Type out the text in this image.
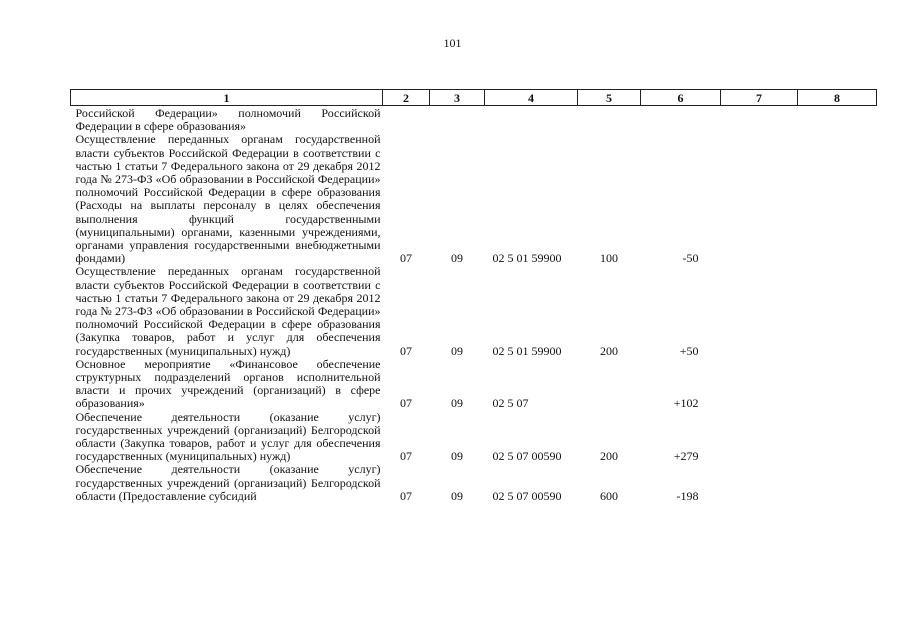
101
1	2	3	4	5	6	7	8
Российской Федерации» полномочий Российской Федерации в сфере образования»							
Осуществление переданных органам государственной власти субъектов Российской Федерации в соответствии с частью 1 статьи 7 Федерального закона от 29 декабря 2012 года № 273-ФЗ «Об образовании в Российской Федерации» полномочий Российской Федерации в сфере образования (Расходы на выплаты персоналу в целях обеспечения выполнения функций государственными (муниципальными) органами, казенными учреждениями, органами управления государственными внебюджетными фондами)	07	09	02 5 01 59900	100	-50		
Осуществление переданных органам государственной власти субъектов Российской Федерации в соответствии с частью 1 статьи 7 Федерального закона от 29 декабря 2012 года № 273-ФЗ «Об образовании в Российской Федерации» полномочий Российской Федерации в сфере образования (Закупка товаров, работ и услуг для обеспечения государственных (муниципальных) нужд)	07	09	02 5 01 59900	200	+50		
Основное мероприятие «Финансовое обеспечение структурных подразделений органов исполнительной власти и прочих учреждений (организаций) в сфере образования»	07	09	02 5 07		+102		
Обеспечение деятельности (оказание услуг) государственных учреждений (организаций) Белгородской области (Закупка товаров, работ и услуг для обеспечения государственных (муниципальных) нужд)	07	09	02 5 07 00590	200	+279		
Обеспечение деятельности (оказание услуг) государственных учреждений (организаций) Белгородской области (Предоставление субсидий	07	09	02 5 07 00590	600	-198		
